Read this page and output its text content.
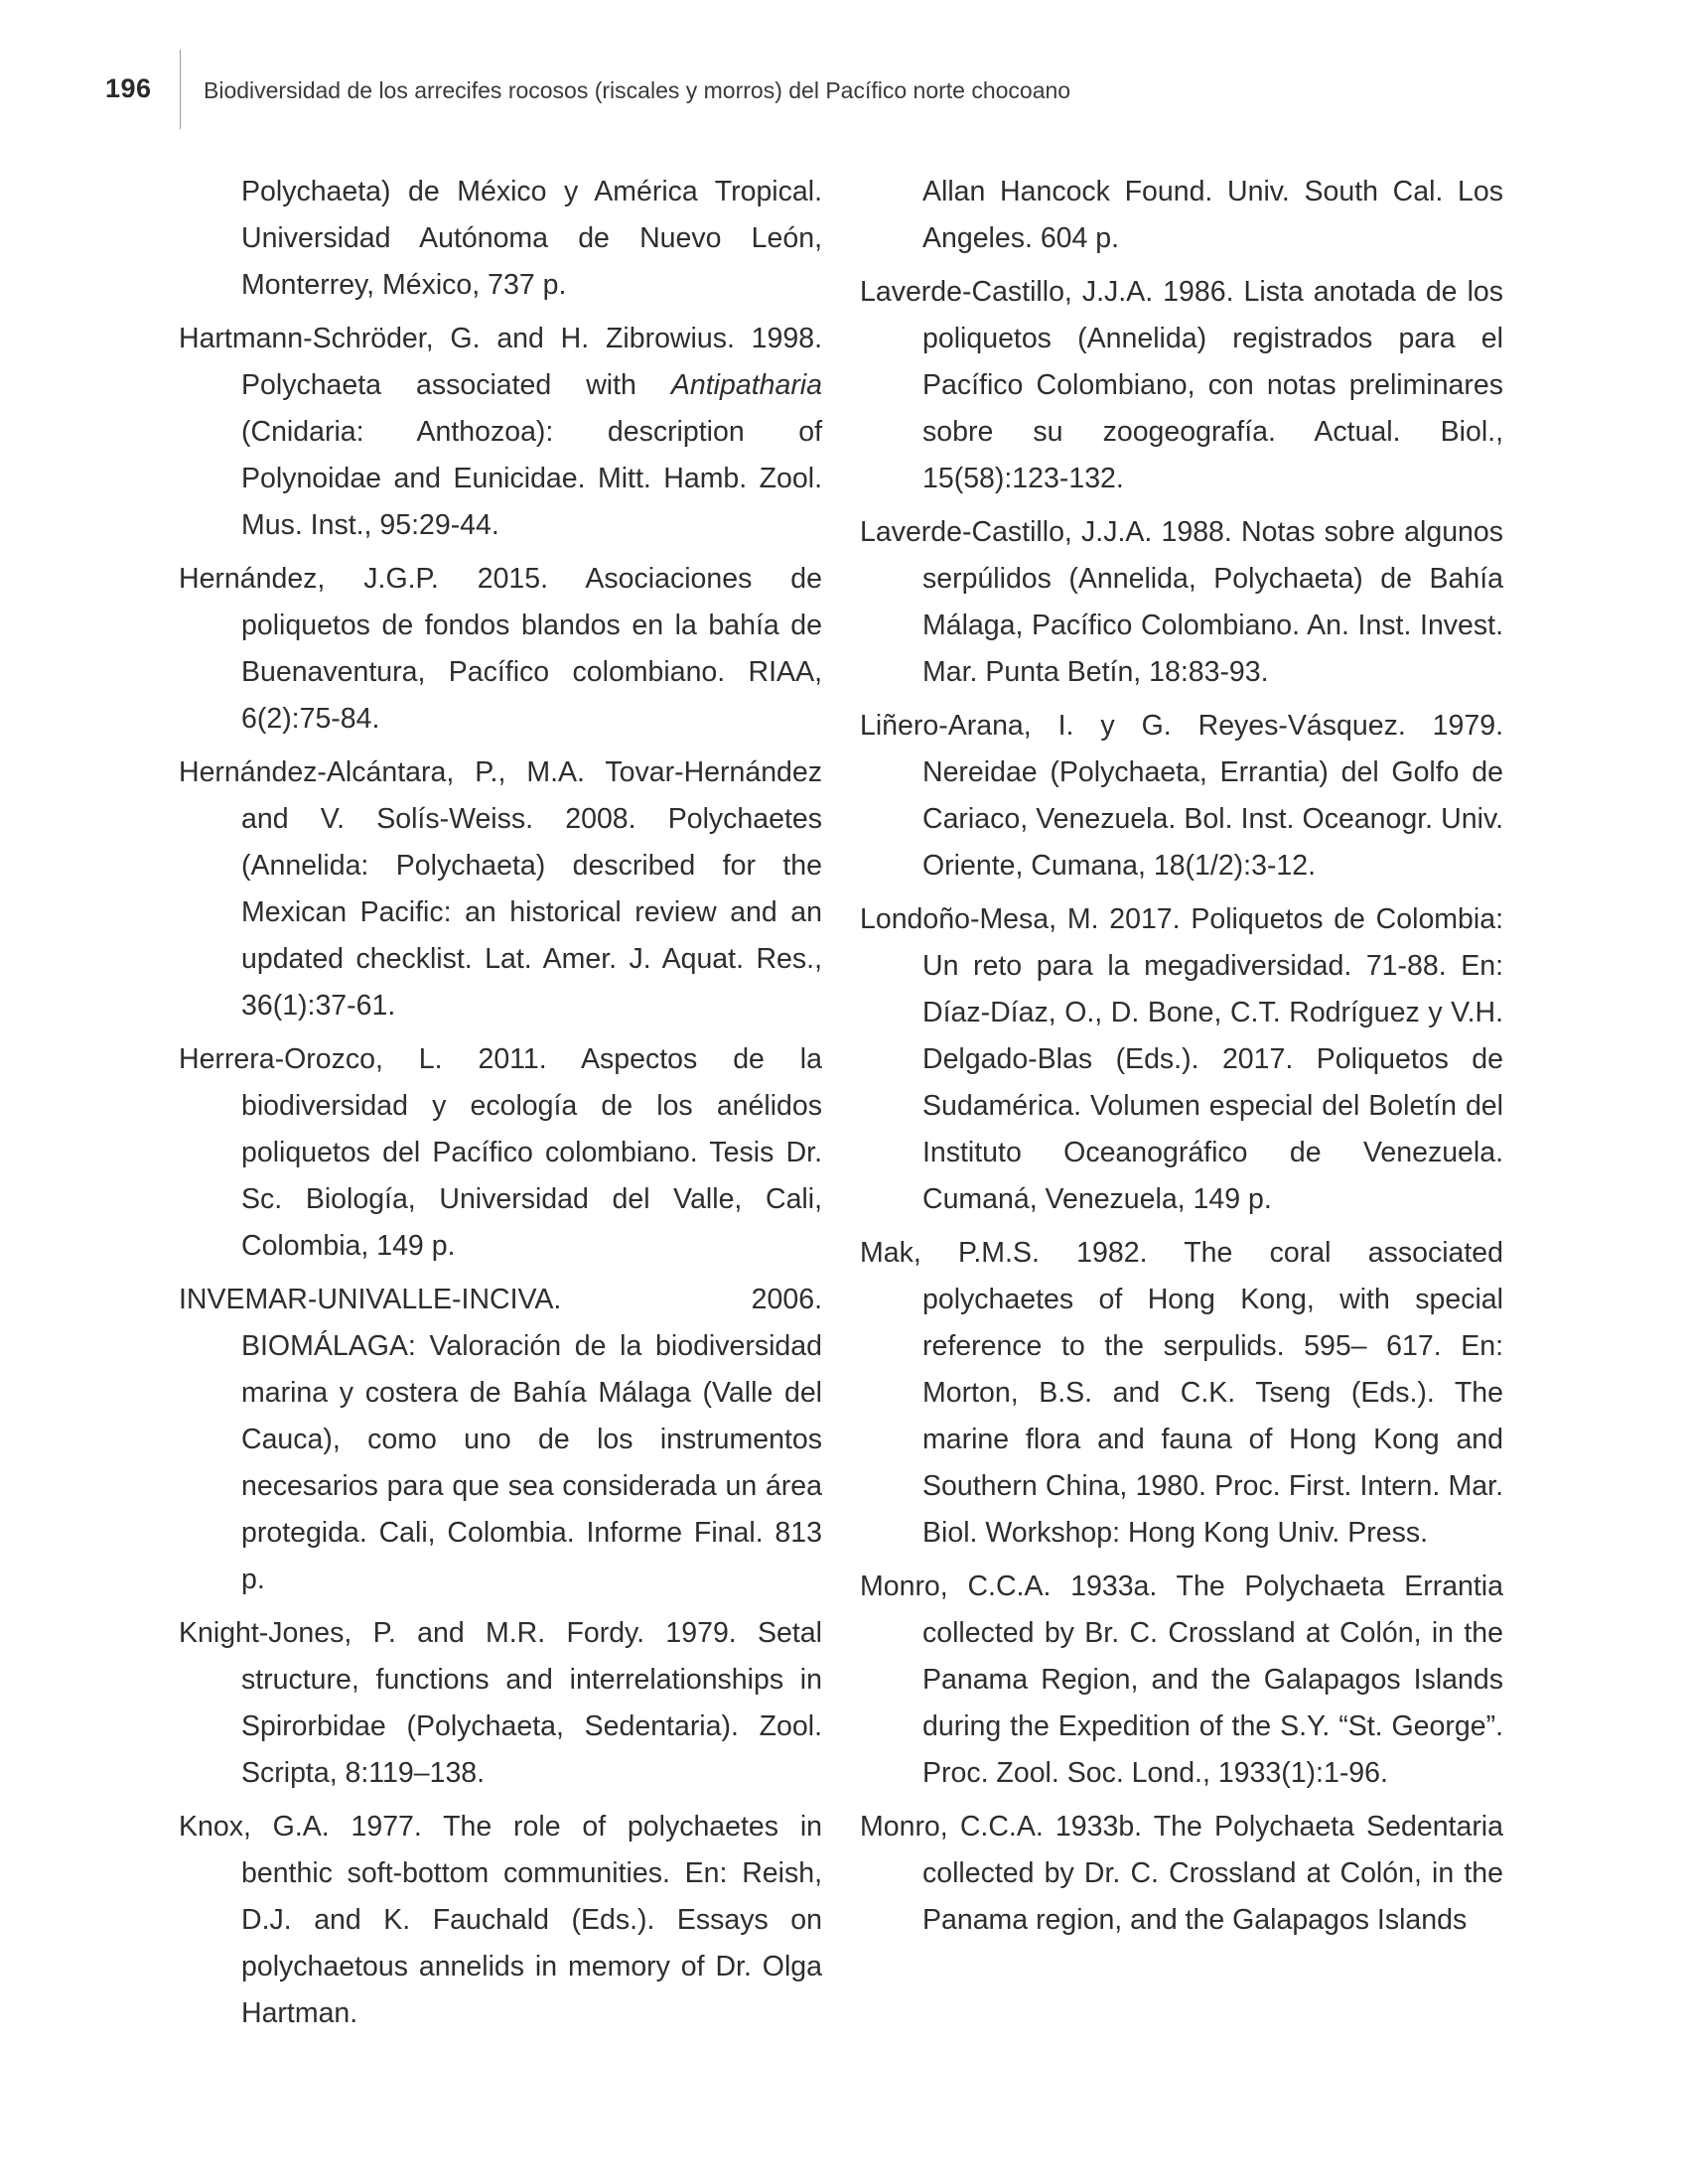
196 Biodiversidad de los arrecifes rocosos (riscales y morros) del Pacífico norte chocoano

Polychaeta) de México y América Tropical. Universidad Autónoma de Nuevo León, Monterrey, México, 737 p.

Hartmann-Schröder, G. and H. Zibrowius. 1998. Polychaeta associated with Antipatharia (Cnidaria: Anthozoa): description of Polynoidae and Eunicidae. Mitt. Hamb. Zool. Mus. Inst., 95:29-44.

Hernández, J.G.P. 2015. Asociaciones de poliquetos de fondos blandos en la bahía de Buenaventura, Pacífico colombiano. RIAA, 6(2):75-84.

Hernández-Alcántara, P., M.A. Tovar-Hernández and V. Solís-Weiss. 2008. Polychaetes (Annelida: Polychaeta) described for the Mexican Pacific: an historical review and an updated checklist. Lat. Amer. J. Aquat. Res., 36(1):37-61.

Herrera-Orozco, L. 2011. Aspectos de la biodiversidad y ecología de los anélidos poliquetos del Pacífico colombiano. Tesis Dr. Sc. Biología, Universidad del Valle, Cali, Colombia, 149 p.

INVEMAR-UNIVALLE-INCIVA. 2006. BIOMÁLAGA: Valoración de la biodiversidad marina y costera de Bahía Málaga (Valle del Cauca), como uno de los instrumentos necesarios para que sea considerada un área protegida. Cali, Colombia. Informe Final. 813 p.

Knight-Jones, P. and M.R. Fordy. 1979. Setal structure, functions and interrelationships in Spirorbidae (Polychaeta, Sedentaria). Zool. Scripta, 8:119–138.

Knox, G.A. 1977. The role of polychaetes in benthic soft-bottom communities. En: Reish, D.J. and K. Fauchald (Eds.). Essays on polychaetous annelids in memory of Dr. Olga Hartman.

Allan Hancock Found. Univ. South Cal. Los Angeles. 604 p.

Laverde-Castillo, J.J.A. 1986. Lista anotada de los poliquetos (Annelida) registrados para el Pacífico Colombiano, con notas preliminares sobre su zoogeografía. Actual. Biol., 15(58):123-132.

Laverde-Castillo, J.J.A. 1988. Notas sobre algunos serpúlidos (Annelida, Polychaeta) de Bahía Málaga, Pacífico Colombiano. An. Inst. Invest. Mar. Punta Betín, 18:83-93.

Liñero-Arana, I. y G. Reyes-Vásquez. 1979. Nereidae (Polychaeta, Errantia) del Golfo de Cariaco, Venezuela. Bol. Inst. Oceanogr. Univ. Oriente, Cumana, 18(1/2):3-12.

Londoño-Mesa, M. 2017. Poliquetos de Colombia: Un reto para la megadiversidad. 71-88. En: Díaz-Díaz, O., D. Bone, C.T. Rodríguez y V.H. Delgado-Blas (Eds.). 2017. Poliquetos de Sudamérica. Volumen especial del Boletín del Instituto Oceanográfico de Venezuela. Cumaná, Venezuela, 149 p.

Mak, P.M.S. 1982. The coral associated polychaetes of Hong Kong, with special reference to the serpulids. 595– 617. En: Morton, B.S. and C.K. Tseng (Eds.). The marine flora and fauna of Hong Kong and Southern China, 1980. Proc. First. Intern. Mar. Biol. Workshop: Hong Kong Univ. Press.

Monro, C.C.A. 1933a. The Polychaeta Errantia collected by Br. C. Crossland at Colón, in the Panama Region, and the Galapagos Islands during the Expedition of the S.Y. “St. George”. Proc. Zool. Soc. Lond., 1933(1):1-96.

Monro, C.C.A. 1933b. The Polychaeta Sedentaria collected by Dr. C. Crossland at Colón, in the Panama region, and the Galapagos Islands
